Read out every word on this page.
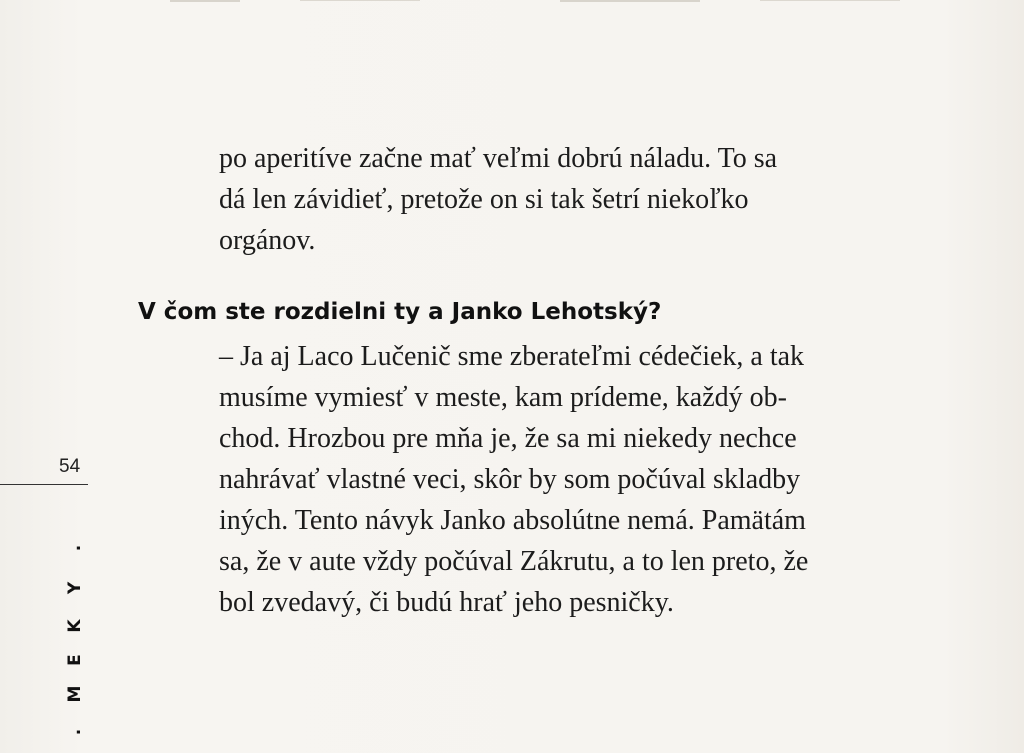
po aperitíve začne mať veľmi dobrú náladu. To sa
dá len závidieť, pretože on si tak šetrí niekoľko
orgánov.
V čom ste rozdielni ty a Janko Lehotský?
– Ja aj Laco Lučenič sme zberateľmi cédečiek, a tak
musíme vymiesť v meste, kam prídeme, každý ob-
chod. Hrozbou pre mňa je, že sa mi niekedy nechce
nahrávať vlastné veci, skôr by som počúval skladby
iných. Tento návyk Janko absolútne nemá. Pamätám
sa, že v aute vždy počúval Zákrutu, a to len preto, že
bol zvedavý, či budú hrať jeho pesničky.
54
.
Y
K
E
M
.
